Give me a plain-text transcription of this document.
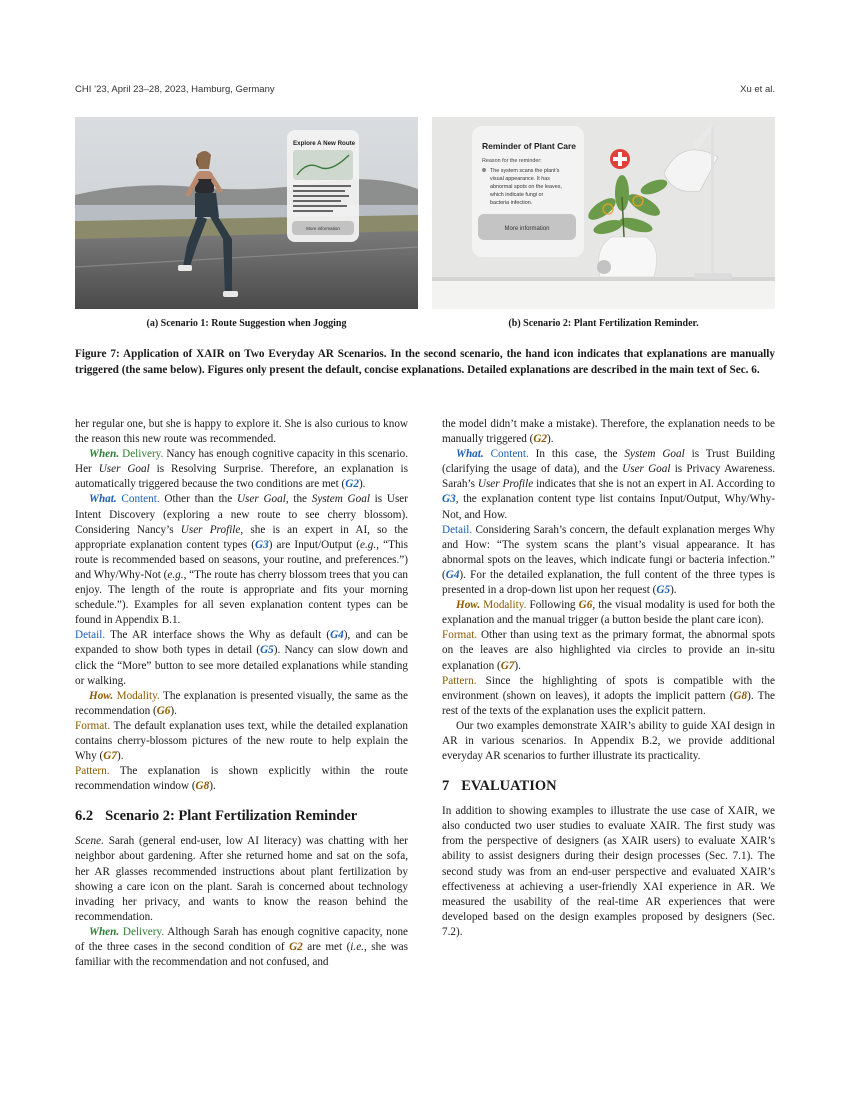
CHI ’23, April 23–28, 2023, Hamburg, Germany	Xu et al.
Explore A New Route
More information
Reminder of Plant Care
Reason for the reminder:
The system scans the plant’s visual appearance. It has abnormal spots on the leaves, which indicate fungi or bacteria infection.
More information
(a) Scenario 1: Route Suggestion when Jogging	(b) Scenario 2: Plant Fertilization Reminder.
Figure 7: Application of XAIR on Two Everyday AR Scenarios. In the second scenario, the hand icon indicates that explanations are manually triggered (the same below). Figures only present the default, concise explanations. Detailed explanations are described in the main text of Sec. 6.

her regular one, but she is happy to explore it. She is also curious to know the reason this new route was recommended.

When. Delivery. Nancy has enough cognitive capacity in this scenario. Her User Goal is Resolving Surprise. Therefore, an explanation is automatically triggered because the two conditions are met (G2).

What. Content. Other than the User Goal, the System Goal is User Intent Discovery (exploring a new route to see cherry blossom). Considering Nancy’s User Profile, she is an expert in AI, so the appropriate explanation content types (G3) are Input/Output (e.g., “This route is recommended based on seasons, your routine, and preferences.”) and Why/Why-Not (e.g., “The route has cherry blossom trees that you can enjoy. The length of the route is appropriate and fits your morning schedule.”). Examples for all seven explanation content types can be found in Appendix B.1.

Detail. The AR interface shows the Why as default (G4), and can be expanded to show both types in detail (G5). Nancy can slow down and click the “More” button to see more detailed explanations while standing or walking.

How. Modality. The explanation is presented visually, the same as the recommendation (G6).

Format. The default explanation uses text, while the detailed explanation contains cherry-blossom pictures of the new route to help explain the Why (G7).

Pattern. The explanation is shown explicitly within the route recommendation window (G8).

6.2 Scenario 2: Plant Fertilization Reminder

Scene. Sarah (general end-user, low AI literacy) was chatting with her neighbor about gardening. After she returned home and sat on the sofa, her AR glasses recommended instructions about plant fertilization by showing a care icon on the plant. Sarah is concerned about technology invading her privacy, and wants to know the reason behind the recommendation.

When. Delivery. Although Sarah has enough cognitive capacity, none of the three cases in the second condition of G2 are met (i.e., she was familiar with the recommendation and not confused, and

the model didn’t make a mistake). Therefore, the explanation needs to be manually triggered (G2).

What. Content. In this case, the System Goal is Trust Building (clarifying the usage of data), and the User Goal is Privacy Awareness. Sarah’s User Profile indicates that she is not an expert in AI. According to G3, the explanation content type list contains Input/Output, Why/Why-Not, and How.

Detail. Considering Sarah’s concern, the default explanation merges Why and How: “The system scans the plant’s visual appearance. It has abnormal spots on the leaves, which indicate fungi or bacteria infection.” (G4). For the detailed explanation, the full content of the three types is presented in a drop-down list upon her request (G5).

How. Modality. Following G6, the visual modality is used for both the explanation and the manual trigger (a button beside the plant care icon).

Format. Other than using text as the primary format, the abnormal spots on the leaves are also highlighted via circles to provide an in-situ explanation (G7).

Pattern. Since the highlighting of spots is compatible with the environment (shown on leaves), it adopts the implicit pattern (G8). The rest of the texts of the explanation uses the explicit pattern.

Our two examples demonstrate XAIR’s ability to guide XAI design in AR in various scenarios. In Appendix B.2, we provide additional everyday AR scenarios to further illustrate its practicality.

7 EVALUATION

In addition to showing examples to illustrate the use case of XAIR, we also conducted two user studies to evaluate XAIR. The first study was from the perspective of designers (as XAIR users) to evaluate XAIR’s ability to assist designers during their design processes (Sec. 7.1). The second study was from an end-user perspective and evaluated XAIR’s effectiveness at achieving a user-friendly XAI experience in AR. We measured the usability of the real-time AR experiences that were developed based on the design examples proposed by designers (Sec. 7.2).
